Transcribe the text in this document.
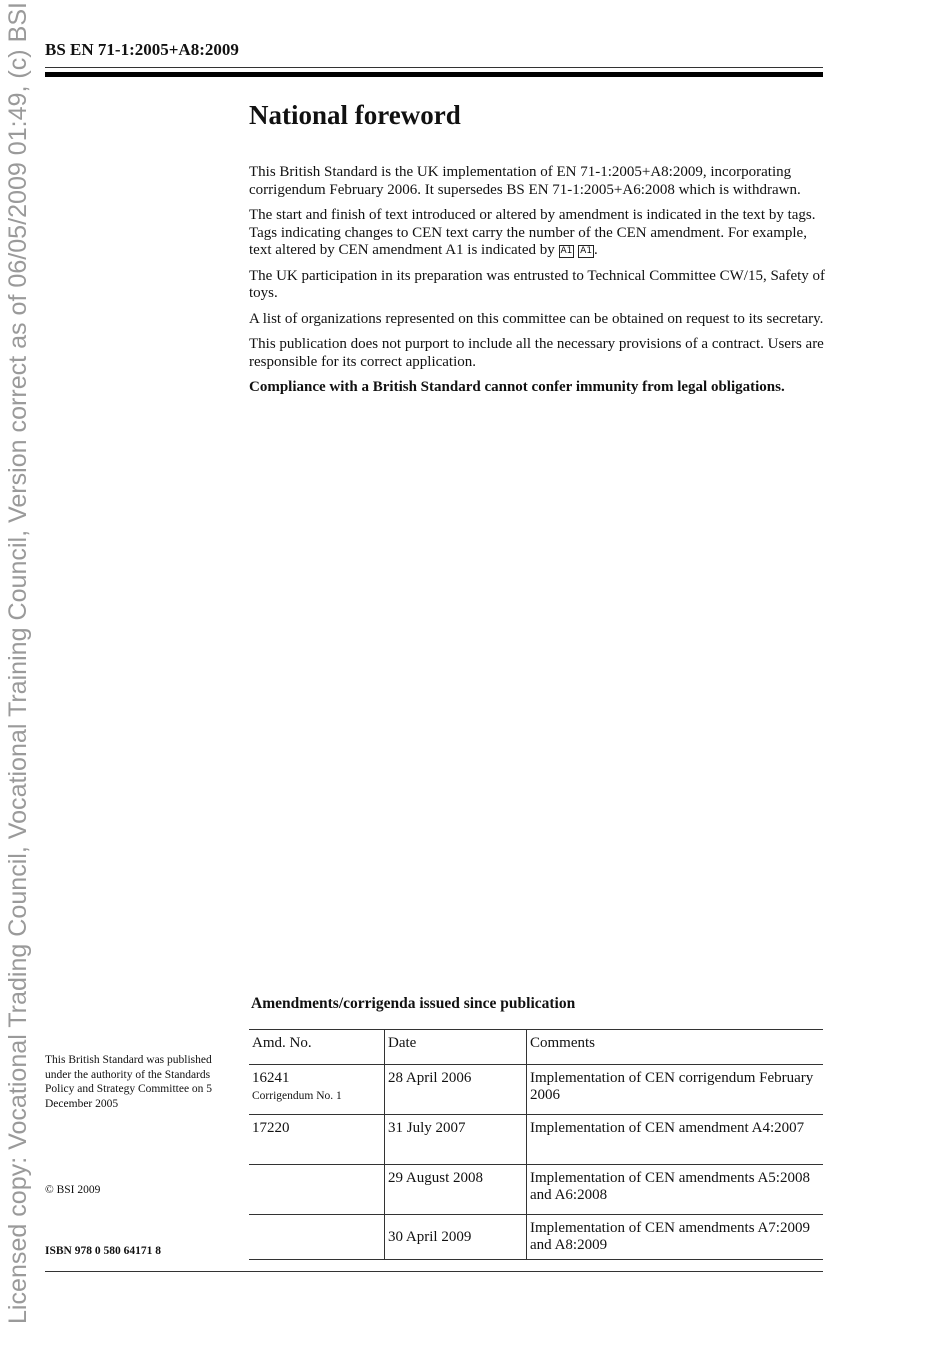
Licensed copy: Vocational Trading Council, Vocational Training Council, Version correct as of 06/05/2009 01:49, (c) BSI BS EN 71-1:2005+A8:2009
National foreword

This British Standard is the UK implementation of EN 71-1:2005+A8:2009, incorporating corrigendum February 2006. It supersedes BS EN 71-1:2005+A6:2008 which is withdrawn.

The start and finish of text introduced or altered by amendment is indicated in the text by tags. Tags indicating changes to CEN text carry the number of the CEN amendment. For example, text altered by CEN amendment A1 is indicated by A1 A1 .

The UK participation in its preparation was entrusted to Technical Committee CW/15, Safety of toys.

A list of organizations represented on this committee can be obtained on request to its secretary.

This publication does not purport to include all the necessary provisions of a contract. Users are responsible for its correct application.

Compliance with a British Standard cannot confer immunity from legal obligations.

This British Standard was published under the authority of the Standards Policy and Strategy Committee on 5 December 2005
© BSI 2009
ISBN 978 0 580 64171 8
Amendments/corrigenda issued since publication
Amd. No.	Date	Comments
16241
Corrigendum No. 1	28 April 2006	Implementation of CEN corrigendum February 2006
17220	31 July 2007	Implementation of CEN amendment A4:2007
	29 August 2008	Implementation of CEN amendments A5:2008 and A6:2008
	30 April 2009	Implementation of CEN amendments A7:2009 and A8:2009
